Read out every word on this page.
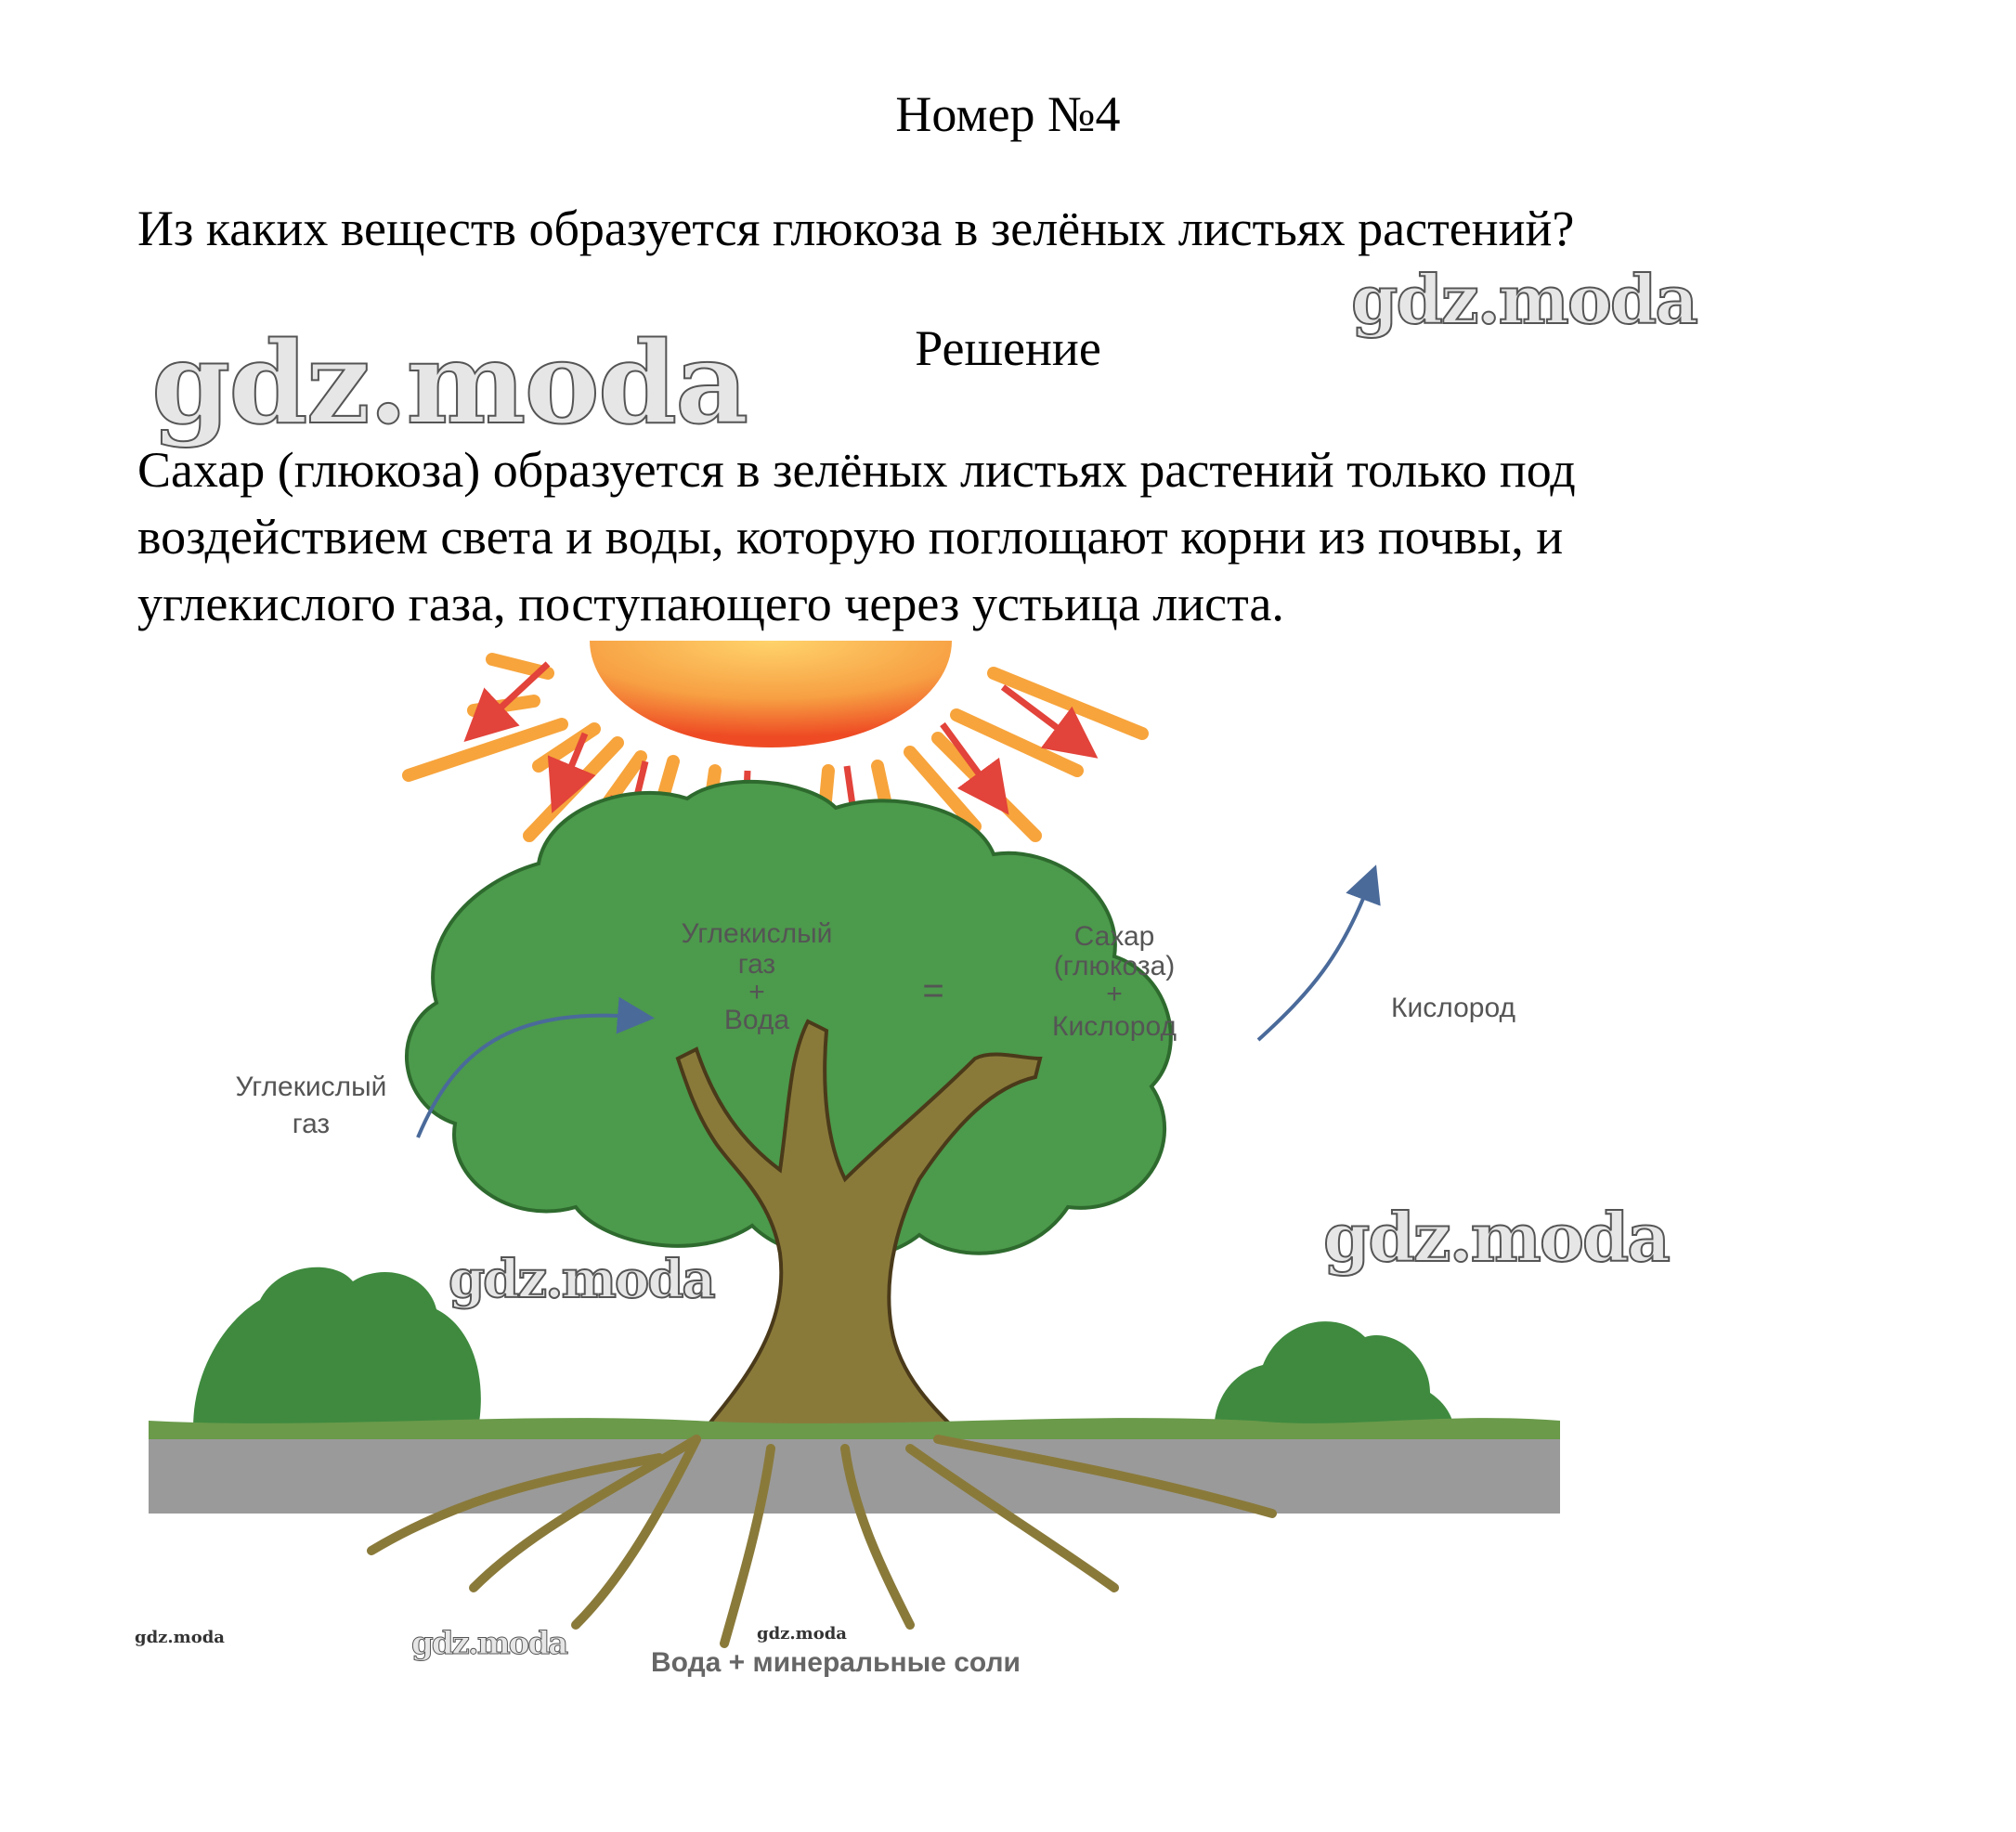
Номер №4

Из каких веществ образуется глюкоза в зелёных листьях растений?

Решение

Сахар (глюкоза) образуется в зелёных листьях растений только под
воздействием света и воды, которую поглощают корни из почвы, и
углекислого газа, поступающего через устьица листа.
Углекислый
газ
+
Вода
=
Сахар
(глюкоза)
+
Кислород
Углекислый
газ
Кислород
Вода + минеральные соли
gdz.moda
gdz.moda
gdz.moda
gdz.moda
gdz.moda
gdz.moda	gdz.moda
